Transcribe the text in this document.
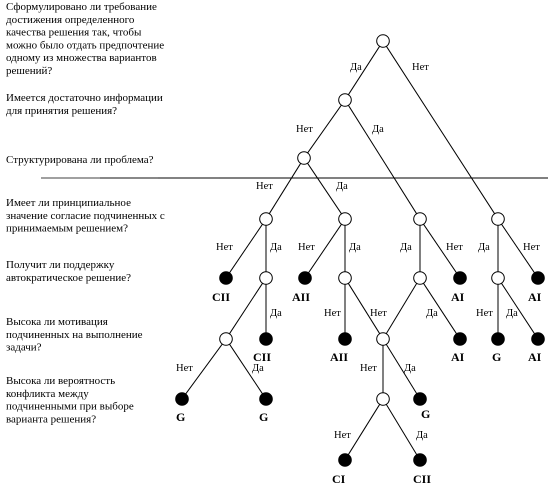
Сформулировано ли требование достижения определенного качества решения так, чтобы можно было отдать предпочтение одному из множества вариантов решений?
Имеется достаточно информации для принятия решения?
Структурирована ли проблема?
Имеет ли принципиальное значение согласие подчиненных с принимаемым решением?
Получит ли поддержку автократическое решение?
Высока ли мотивация подчиненных на выполнение задачи?
Высока ли вероятность конфликта между подчиненными при выборе варианта решения?
Да	Нет
Нет	Да
Нет	Да
Нет	Да Нет	Да	Да	Нет Да	Нет
Да	Нет	Нет	Да	Нет Да
Нет	Да	Нет	Да
Нет	Да
СII	AII	AI	AI
СII	AII	AI G AI
G	G	G
СI	СII
